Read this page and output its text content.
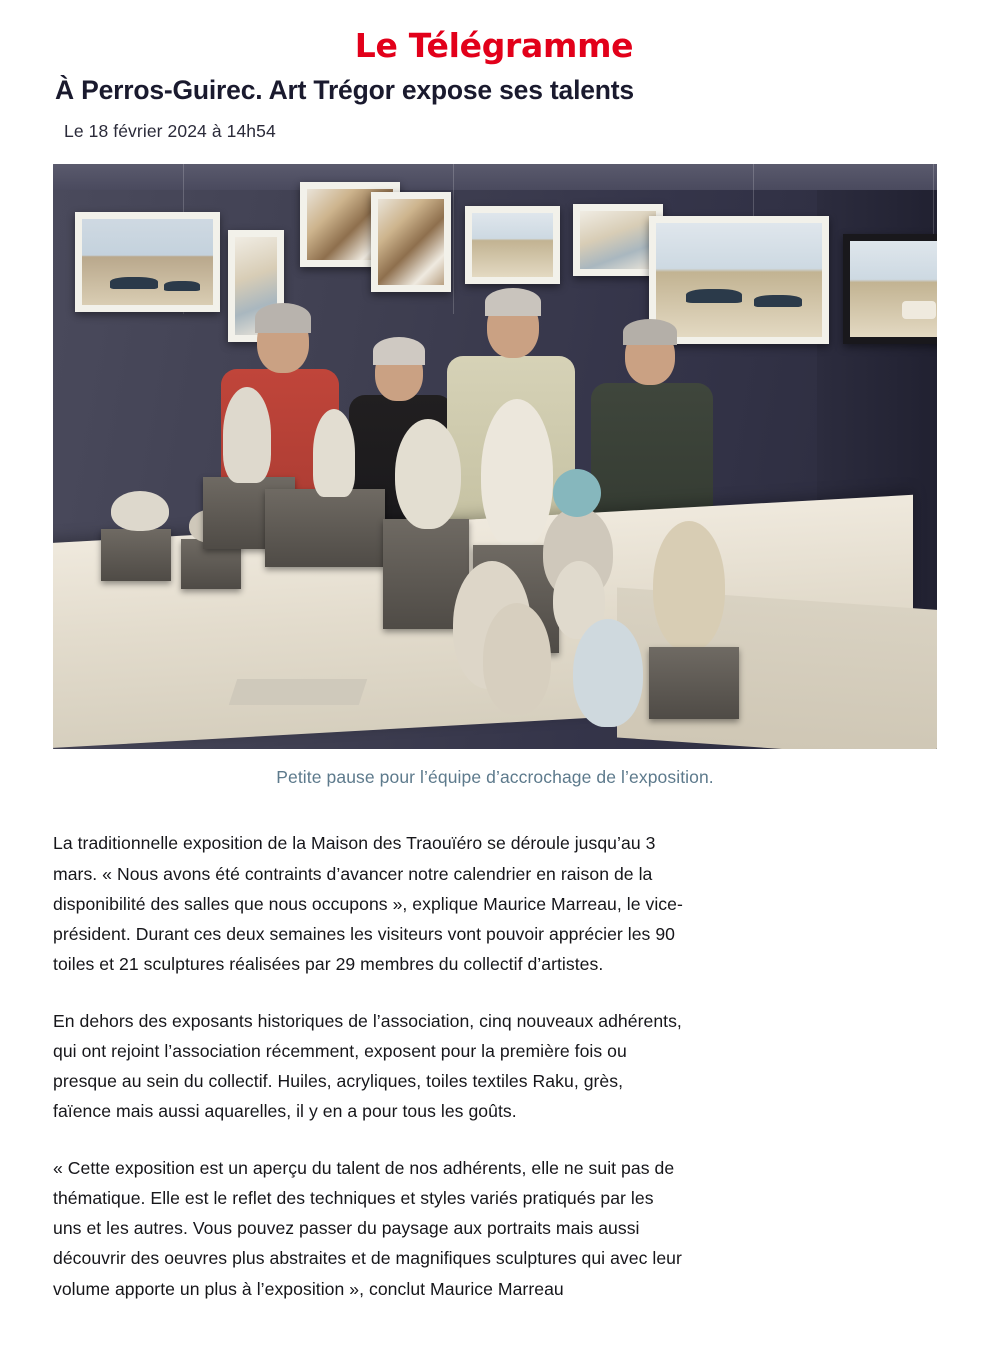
Le Télégramme
À Perros-Guirec. Art Trégor expose ses talents
Le 18 février 2024 à 14h54
Petite pause pour l’équipe d’accrochage de l’exposition.

La traditionnelle exposition de la Maison des Traouïéro se déroule jusqu’au 3 mars. « Nous avons été contraints d’avancer notre calendrier en raison de la disponibilité des salles que nous occupons », explique Maurice Marreau, le vice-président. Durant ces deux semaines les visiteurs vont pouvoir apprécier les 90 toiles et 21 sculptures réalisées par 29 membres du collectif d’artistes.

En dehors des exposants historiques de l’association, cinq nouveaux adhérents, qui ont rejoint l’association récemment, exposent pour la première fois ou presque au sein du collectif. Huiles, acryliques, toiles textiles Raku, grès, faïence mais aussi aquarelles, il y en a pour tous les goûts.

« Cette exposition est un aperçu du talent de nos adhérents, elle ne suit pas de thématique. Elle est le reflet des techniques et styles variés pratiqués par les uns et les autres. Vous pouvez passer du paysage aux portraits mais aussi découvrir des oeuvres plus abstraites et de magnifiques sculptures qui avec leur volume apporte un plus à l’exposition », conclut Maurice Marreau
